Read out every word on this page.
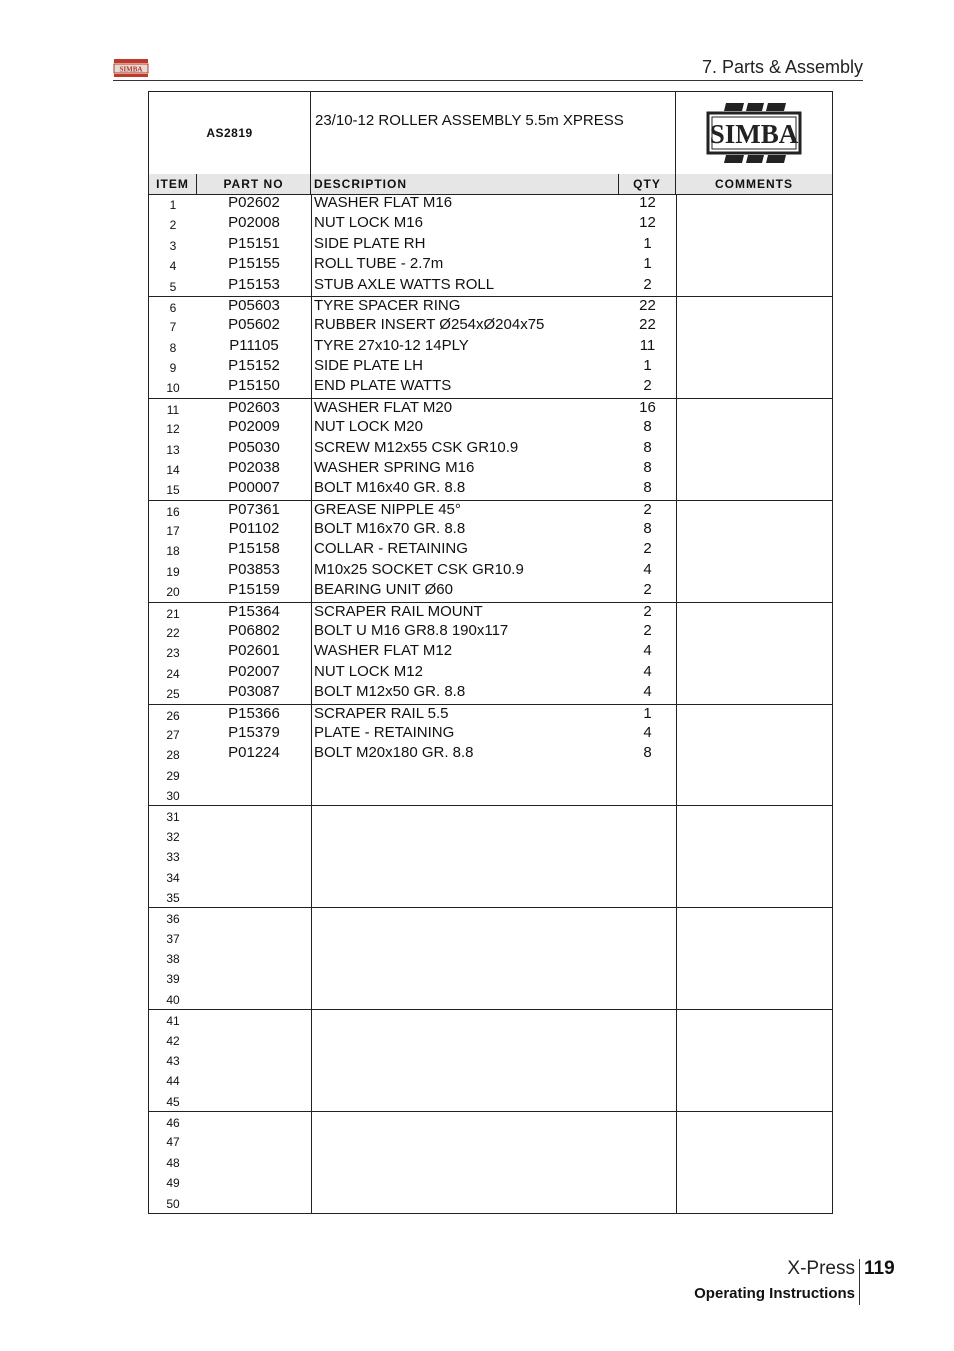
SIMBA	7. Parts & Assembly
AS2819
23/10-12 ROLLER ASSEMBLY 5.5m XPRESS	SIMBA
ITEM	PART NO	DESCRIPTION	QTY	COMMENTS
1	P02602	WASHER FLAT M16	12
2	P02008	NUT LOCK M16	12
3	P15151	SIDE PLATE RH	1
4	P15155	ROLL TUBE - 2.7m	1
5	P15153	STUB AXLE WATTS ROLL	2
6	P05603	TYRE SPACER RING	22
7	P05602	RUBBER INSERT Ø254xØ204x75	22
8	P11105	TYRE 27x10-12 14PLY	11
9	P15152	SIDE PLATE LH	1
10	P15150	END PLATE WATTS	2
11	P02603	WASHER FLAT M20	16
12	P02009	NUT LOCK M20	8
13	P05030	SCREW M12x55 CSK GR10.9	8
14	P02038	WASHER SPRING M16	8
15	P00007	BOLT M16x40 GR. 8.8	8
16	P07361	GREASE NIPPLE 45°	2
17	P01102	BOLT M16x70 GR. 8.8	8
18	P15158	COLLAR - RETAINING	2
19	P03853	M10x25 SOCKET CSK GR10.9	4
20	P15159	BEARING UNIT Ø60	2
21	P15364	SCRAPER RAIL MOUNT	2
22	P06802	BOLT U M16 GR8.8 190x117	2
23	P02601	WASHER FLAT M12	4
24	P02007	NUT LOCK M12	4
25	P03087	BOLT M12x50 GR. 8.8	4
26	P15366	SCRAPER RAIL 5.5	1
27	P15379	PLATE - RETAINING	4
28	P01224	BOLT M20x180 GR. 8.8	8
29
30
31
32
33
34
35
36
37
38
39
40
41
42
43
44
45
46
47
48
49
50
X-Press 119
Operating Instructions
